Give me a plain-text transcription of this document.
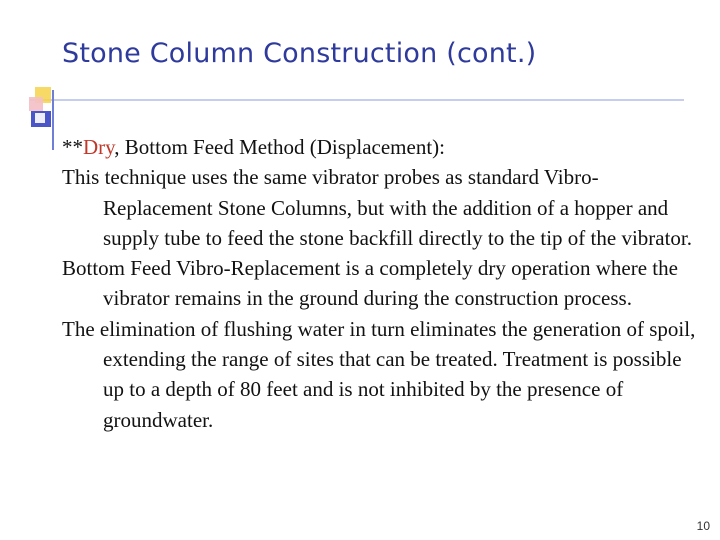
Stone Column Construction (cont.)

**Dry, Bottom Feed Method (Displacement):

This technique uses the same vibrator probes as standard Vibro-Replacement Stone Columns, but with the addition of a hopper and supply tube to feed the stone backfill directly to the tip of the vibrator.

Bottom Feed Vibro-Replacement is a completely dry operation where the vibrator remains in the ground during the construction process.

The elimination of flushing water in turn eliminates the generation of spoil, extending the range of sites that can be treated. Treatment is possible up to a depth of 80 feet and is not inhibited by the presence of groundwater.

10
